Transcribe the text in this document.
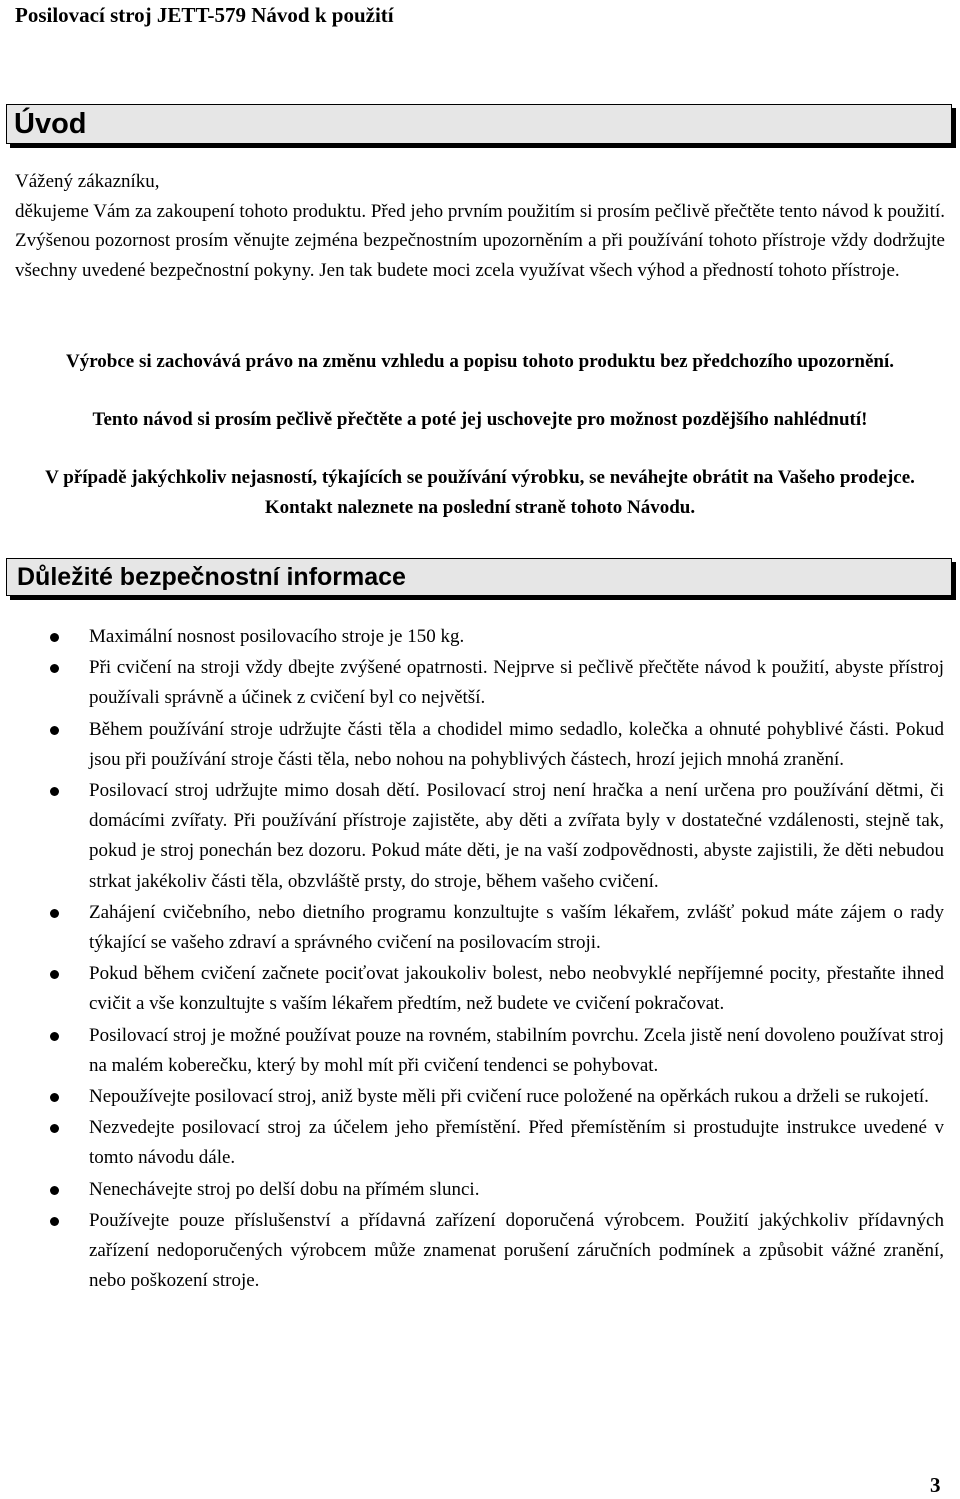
Posilovací stroj JETT-579 Návod k použití
Úvod

Vážený zákazníku,

děkujeme Vám za zakoupení tohoto produktu. Před jeho prvním použitím si prosím pečlivě přečtěte tento návod k použití. Zvýšenou pozornost prosím věnujte zejména bezpečnostním upozorněním a při používání tohoto přístroje vždy dodržujte všechny uvedené bezpečnostní pokyny. Jen tak budete moci zcela využívat všech výhod a předností tohoto přístroje.

Výrobce si zachovává právo na změnu vzhledu a popisu tohoto produktu bez předchozího upozornění.

Tento návod si prosím pečlivě přečtěte a poté jej uschovejte pro možnost pozdějšího nahlédnutí!

V případě jakýchkoliv nejasností, týkajících se používání výrobku, se neváhejte obrátit na Vašeho prodejce. Kontakt naleznete na poslední straně tohoto Návodu.

Důležité bezpečnostní informace
Maximální nosnost posilovacího stroje je 150 kg.
Při cvičení na stroji vždy dbejte zvýšené opatrnosti. Nejprve si pečlivě přečtěte návod k použití, abyste přístroj používali správně a účinek z cvičení byl co největší.
Během používání stroje udržujte části těla a chodidel mimo sedadlo, kolečka a ohnuté pohyblivé části. Pokud jsou při používání stroje části těla, nebo nohou na pohyblivých částech, hrozí jejich mnohá zranění.
Posilovací stroj udržujte mimo dosah dětí. Posilovací stroj není hračka a není určena pro používání dětmi, či domácími zvířaty. Při používání přístroje zajistěte, aby děti a zvířata byly v dostatečné vzdálenosti, stejně tak, pokud je stroj ponechán bez dozoru. Pokud máte děti, je na vaší zodpovědnosti, abyste zajistili, že děti nebudou strkat jakékoliv části těla, obzvláště prsty, do stroje, během vašeho cvičení.
Zahájení cvičebního, nebo dietního programu konzultujte s vaším lékařem, zvlášť pokud máte zájem o rady týkající se vašeho zdraví a správného cvičení na posilovacím stroji.
Pokud během cvičení začnete pociťovat jakoukoliv bolest, nebo neobvyklé nepříjemné pocity, přestaňte ihned cvičit a vše konzultujte s vaším lékařem předtím, než budete ve cvičení pokračovat.
Posilovací stroj je možné používat pouze na rovném, stabilním povrchu. Zcela jistě není dovoleno používat stroj na malém koberečku, který by mohl mít při cvičení tendenci se pohybovat.
Nepoužívejte posilovací stroj, aniž byste měli při cvičení ruce položené na opěrkách rukou a drželi se rukojetí.
Nezvedejte posilovací stroj za účelem jeho přemístění. Před přemístěním si prostudujte instrukce uvedené v tomto návodu dále.
Nenechávejte stroj po delší dobu na přímém slunci.
Používejte pouze příslušenství a přídavná zařízení doporučená výrobcem. Použití jakýchkoliv přídavných zařízení nedoporučených výrobcem může znamenat porušení záručních podmínek a způsobit vážné zranění, nebo poškození stroje.
3
